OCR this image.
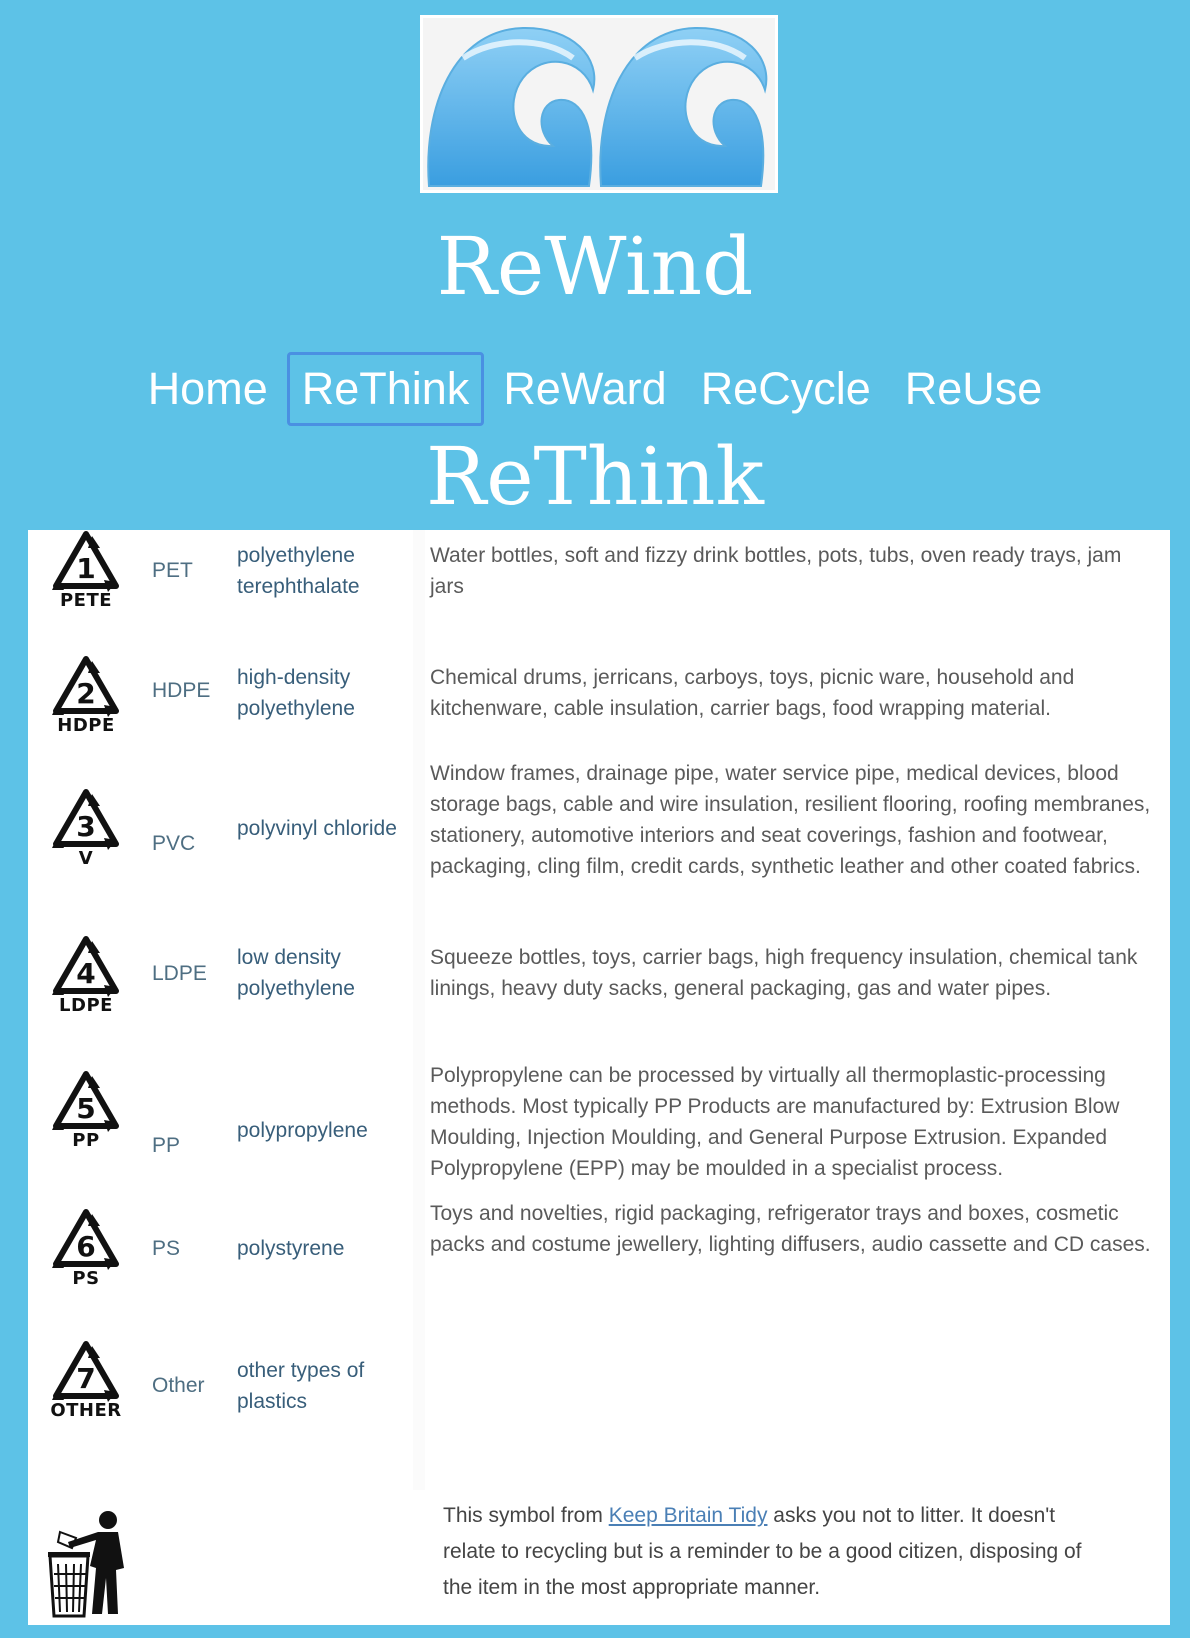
ReWind
Home ReThink ReWard ReCycle ReUse
ReThink
1
PETE
PET
polyethylene terephthalate
Water bottles, soft and fizzy drink bottles, pots, tubs, oven ready trays, jam jars
2
HDPE
HDPE
high-density polyethylene
Chemical drums, jerricans, carboys, toys, picnic ware, household and kitchenware, cable insulation, carrier bags, food wrapping material.
3
V
PVC
polyvinyl chloride
Window frames, drainage pipe, water service pipe, medical devices, blood storage bags, cable and wire insulation, resilient flooring, roofing membranes, stationery, automotive interiors and seat coverings, fashion and footwear, packaging, cling film, credit cards, synthetic leather and other coated fabrics.
4
LDPE
LDPE
low density polyethylene
Squeeze bottles, toys, carrier bags, high frequency insulation, chemical tank linings, heavy duty sacks, general packaging, gas and water pipes.
5
PP	PP
polypropylene
Polypropylene can be processed by virtually all thermoplastic-processing methods. Most typically PP Products are manufactured by: Extrusion Blow Moulding, Injection Moulding, and General Purpose Extrusion. Expanded Polypropylene (EPP) may be moulded in a specialist process.
6
PS
PS	polystyrene
Toys and novelties, rigid packaging, refrigerator trays and boxes, cosmetic packs and costume jewellery, lighting diffusers, audio cassette and CD cases.
7
OTHER
Other
other types of plastics
This symbol from Keep Britain Tidy asks you not to litter. It doesn't relate to recycling but is a reminder to be a good citizen, disposing of the item in the most appropriate manner.
